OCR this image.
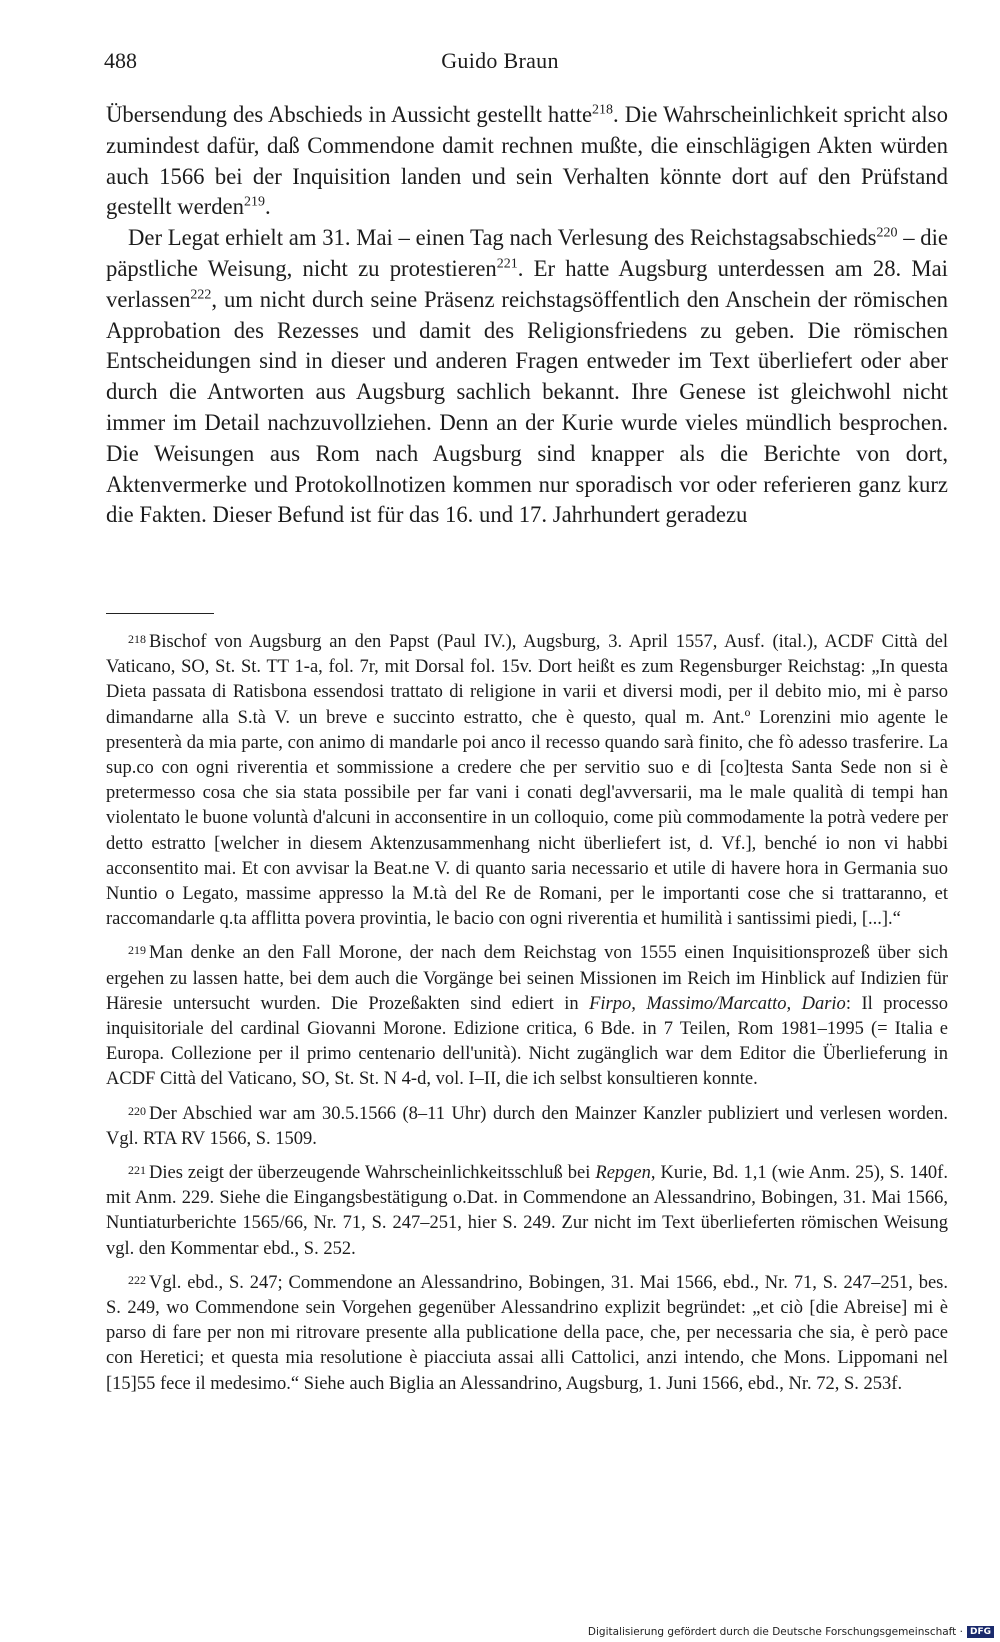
488	Guido Braun

Übersendung des Abschieds in Aussicht gestellt hatte$^{218}$. Die Wahrscheinlichkeit spricht also zumindest dafür, daß Commendone damit rechnen mußte, die einschlägigen Akten würden auch 1566 bei der Inquisition landen und sein Verhalten könnte dort auf den Prüfstand gestellt werden$^{219}$.

Der Legat erhielt am 31. Mai – einen Tag nach Verlesung des Reichstagsabschieds$^{220}$ – die päpstliche Weisung, nicht zu protestieren$^{221}$. Er hatte Augsburg unterdessen am 28. Mai verlassen$^{222}$, um nicht durch seine Präsenz reichstagsöffentlich den Anschein der römischen Approbation des Rezesses und damit des Religionsfriedens zu geben. Die römischen Entscheidungen sind in dieser und anderen Fragen entweder im Text überliefert oder aber durch die Antworten aus Augsburg sachlich bekannt. Ihre Genese ist gleichwohl nicht immer im Detail nachzuvollziehen. Denn an der Kurie wurde vieles mündlich besprochen. Die Weisungen aus Rom nach Augsburg sind knapper als die Berichte von dort, Aktenvermerke und Protokollnotizen kommen nur sporadisch vor oder referieren ganz kurz die Fakten. Dieser Befund ist für das 16. und 17. Jahrhundert geradezu

$^{218}$ Bischof von Augsburg an den Papst (Paul IV.), Augsburg, 3. April 1557, Ausf. (ital.), ACDF Città del Vaticano, SO, St. St. TT 1-a, fol. 7r, mit Dorsal fol. 15v. Dort heißt es zum Regensburger Reichstag: „In questa Dieta passata di Ratisbona essendosi trattato di religione in varii et diversi modi, per il debito mio, mi è parso dimandarne alla S.tà V. un breve e succinto estratto, che è questo, qual m. Ant.º Lorenzini mio agente le presenterà da mia parte, con animo di mandarle poi anco il recesso quando sarà finito, che fò adesso trasferire. La sup.co con ogni riverentia et sommissione a credere che per servitio suo e di [co]testa Santa Sede non si è pretermesso cosa che sia stata possibile per far vani i conati degl'avversarii, ma le male qualità di tempi han violentato le buone voluntà d'alcuni in acconsentire in un colloquio, come più commodamente la potrà vedere per detto estratto [welcher in diesem Aktenzusammenhang nicht überliefert ist, d. Vf.], benché io non vi habbi acconsentito mai. Et con avvisar la Beat.ne V. di quanto saria necessario et utile di havere hora in Germania suo Nuntio o Legato, massime appresso la M.tà del Re de Romani, per le importanti cose che si trattaranno, et raccomandarle q.ta afflitta povera provintia, le bacio con ogni riverentia et humilità i santissimi piedi, [...].“

$^{219}$ Man denke an den Fall Morone, der nach dem Reichstag von 1555 einen Inquisitionsprozeß über sich ergehen zu lassen hatte, bei dem auch die Vorgänge bei seinen Missionen im Reich im Hinblick auf Indizien für Häresie untersucht wurden. Die Prozeßakten sind ediert in Firpo, Massimo/Marcatto, Dario: Il processo inquisitoriale del cardinal Giovanni Morone. Edizione critica, 6 Bde. in 7 Teilen, Rom 1981–1995 (= Italia e Europa. Collezione per il primo centenario dell'unità). Nicht zugänglich war dem Editor die Überlieferung in ACDF Città del Vaticano, SO, St. St. N 4-d, vol. I–II, die ich selbst konsultieren konnte.

$^{220}$ Der Abschied war am 30.5.1566 (8–11 Uhr) durch den Mainzer Kanzler publiziert und verlesen worden. Vgl. RTA RV 1566, S. 1509.

$^{221}$ Dies zeigt der überzeugende Wahrscheinlichkeitsschluß bei Repgen, Kurie, Bd. 1,1 (wie Anm. 25), S. 140f. mit Anm. 229. Siehe die Eingangsbestätigung o.Dat. in Commendone an Alessandrino, Bobingen, 31. Mai 1566, Nuntiaturberichte 1565/66, Nr. 71, S. 247–251, hier S. 249. Zur nicht im Text überlieferten römischen Weisung vgl. den Kommentar ebd., S. 252.

$^{222}$ Vgl. ebd., S. 247; Commendone an Alessandrino, Bobingen, 31. Mai 1566, ebd., Nr. 71, S. 247–251, bes. S. 249, wo Commendone sein Vorgehen gegenüber Alessandrino explizit begründet: „et ciò [die Abreise] mi è parso di fare per non mi ritrovare presente alla publicatione della pace, che, per necessaria che sia, è però pace con Heretici; et questa mia resolutione è piacciuta assai alli Cattolici, anzi intendo, che Mons. Lippomani nel [15]55 fece il medesimo.“ Siehe auch Biglia an Alessandrino, Augsburg, 1. Juni 1566, ebd., Nr. 72, S. 253f.

Digitalisierung gefördert durch die Deutsche Forschungsgemeinschaft · DFG
